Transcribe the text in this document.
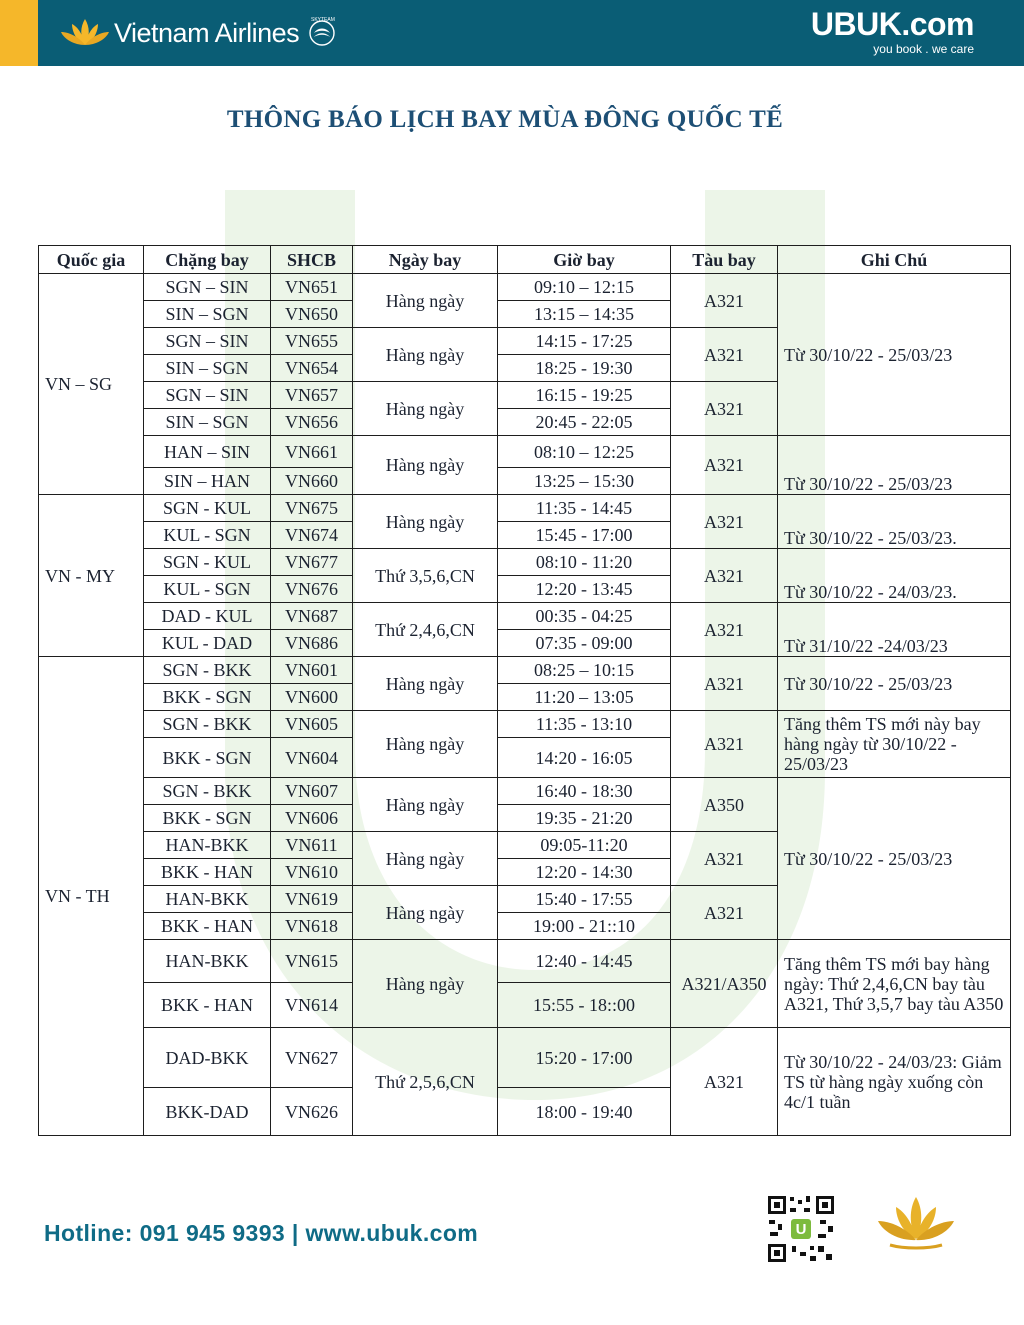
Vietnam Airlines SKYTEAM	UBUK.com
you book . we care
THÔNG BÁO LỊCH BAY MÙA ĐÔNG QUỐC TẾ
Quốc gia	Chặng bay	SHCB	Ngày bay	Giờ bay	Tàu bay	Ghi Chú
VN – SG	SGN – SIN	VN651	Hàng ngày	09:10 – 12:15	A321	Từ 30/10/22 - 25/03/23
	SIN – SGN	VN650		13:15 – 14:35		
	SGN – SIN	VN655	Hàng ngày	14:15 - 17:25	A321	
	SIN – SGN	VN654		18:25 - 19:30		
	SGN – SIN	VN657	Hàng ngày	16:15 - 19:25	A321	
	SIN – SGN	VN656		20:45 - 22:05		
	HAN – SIN	VN661	Hàng ngày	08:10 – 12:25	A321	Từ 30/10/22 - 25/03/23
	SIN – HAN	VN660		13:25 – 15:30		
VN - MY	SGN - KUL	VN675	Hàng ngày	11:35 - 14:45	A321	Từ 30/10/22 - 25/03/23.
	KUL - SGN	VN674		15:45 - 17:00		
	SGN - KUL	VN677	Thứ 3,5,6,CN	08:10 - 11:20	A321	Từ 30/10/22 - 24/03/23.
	KUL - SGN	VN676		12:20 - 13:45		
	DAD - KUL	VN687	Thứ 2,4,6,CN	00:35 - 04:25	A321	Từ 31/10/22 -24/03/23
	KUL - DAD	VN686		07:35 - 09:00		
VN - TH	SGN - BKK	VN601	Hàng ngày	08:25 – 10:15	A321	Từ 30/10/22 - 25/03/23
	BKK - SGN	VN600		11:20 – 13:05		
	SGN - BKK	VN605	Hàng ngày	11:35 - 13:10	A321	Tăng thêm TS mới này bay hàng ngày từ 30/10/22 - 25/03/23
	BKK - SGN	VN604		14:20 - 16:05		
	SGN - BKK	VN607	Hàng ngày	16:40 - 18:30	A350	Từ 30/10/22 - 25/03/23
	BKK - SGN	VN606		19:35 - 21:20		
	HAN-BKK	VN611	Hàng ngày	09:05-11:20	A321	
	BKK - HAN	VN610		12:20 - 14:30		
	HAN-BKK	VN619	Hàng ngày	15:40 - 17:55	A321	
	BKK - HAN	VN618		19:00 - 21::10		
	HAN-BKK	VN615	Hàng ngày	12:40 - 14:45	A321/A350	Tăng thêm TS mới bay hàng ngày: Thứ 2,4,6,CN bay tàu A321, Thứ 3,5,7 bay tàu A350
	BKK - HAN	VN614		15:55 - 18::00		
	DAD-BKK	VN627	Thứ 2,5,6,CN	15:20 - 17:00	A321	Từ 30/10/22 - 24/03/23: Giảm TS từ hàng ngày xuống còn 4c/1 tuần
	BKK-DAD	VN626		18:00 - 19:40		
Hotline: 091 945 9393 | www.ubuk.com	U
